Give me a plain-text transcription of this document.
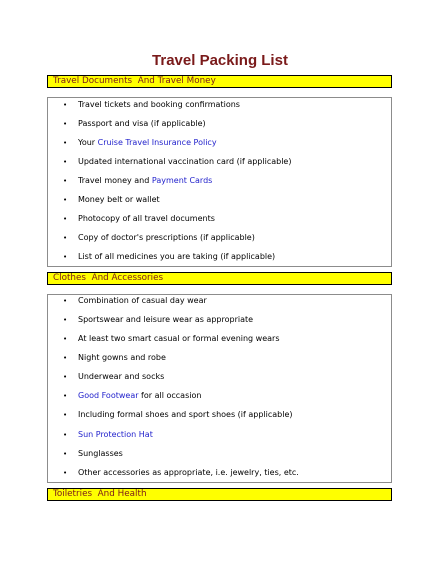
Travel Packing List
Travel Documents  And Travel Money
• Travel tickets and booking confirmations
• Passport and visa (if applicable)
• Your Cruise Travel Insurance Policy
• Updated international vaccination card (if applicable)
• Travel money and Payment Cards
• Money belt or wallet
• Photocopy of all travel documents
• Copy of doctor's prescriptions (if applicable)
• List of all medicines you are taking (if applicable)
Clothes  And Accessories
• Combination of casual day wear
• Sportswear and leisure wear as appropriate
• At least two smart casual or formal evening wears
• Night gowns and robe
• Underwear and socks
• Good Footwear for all occasion
• Including formal shoes and sport shoes (if applicable)
• Sun Protection Hat
• Sunglasses
• Other accessories as appropriate, i.e. jewelry, ties, etc.
Toiletries  And Health
